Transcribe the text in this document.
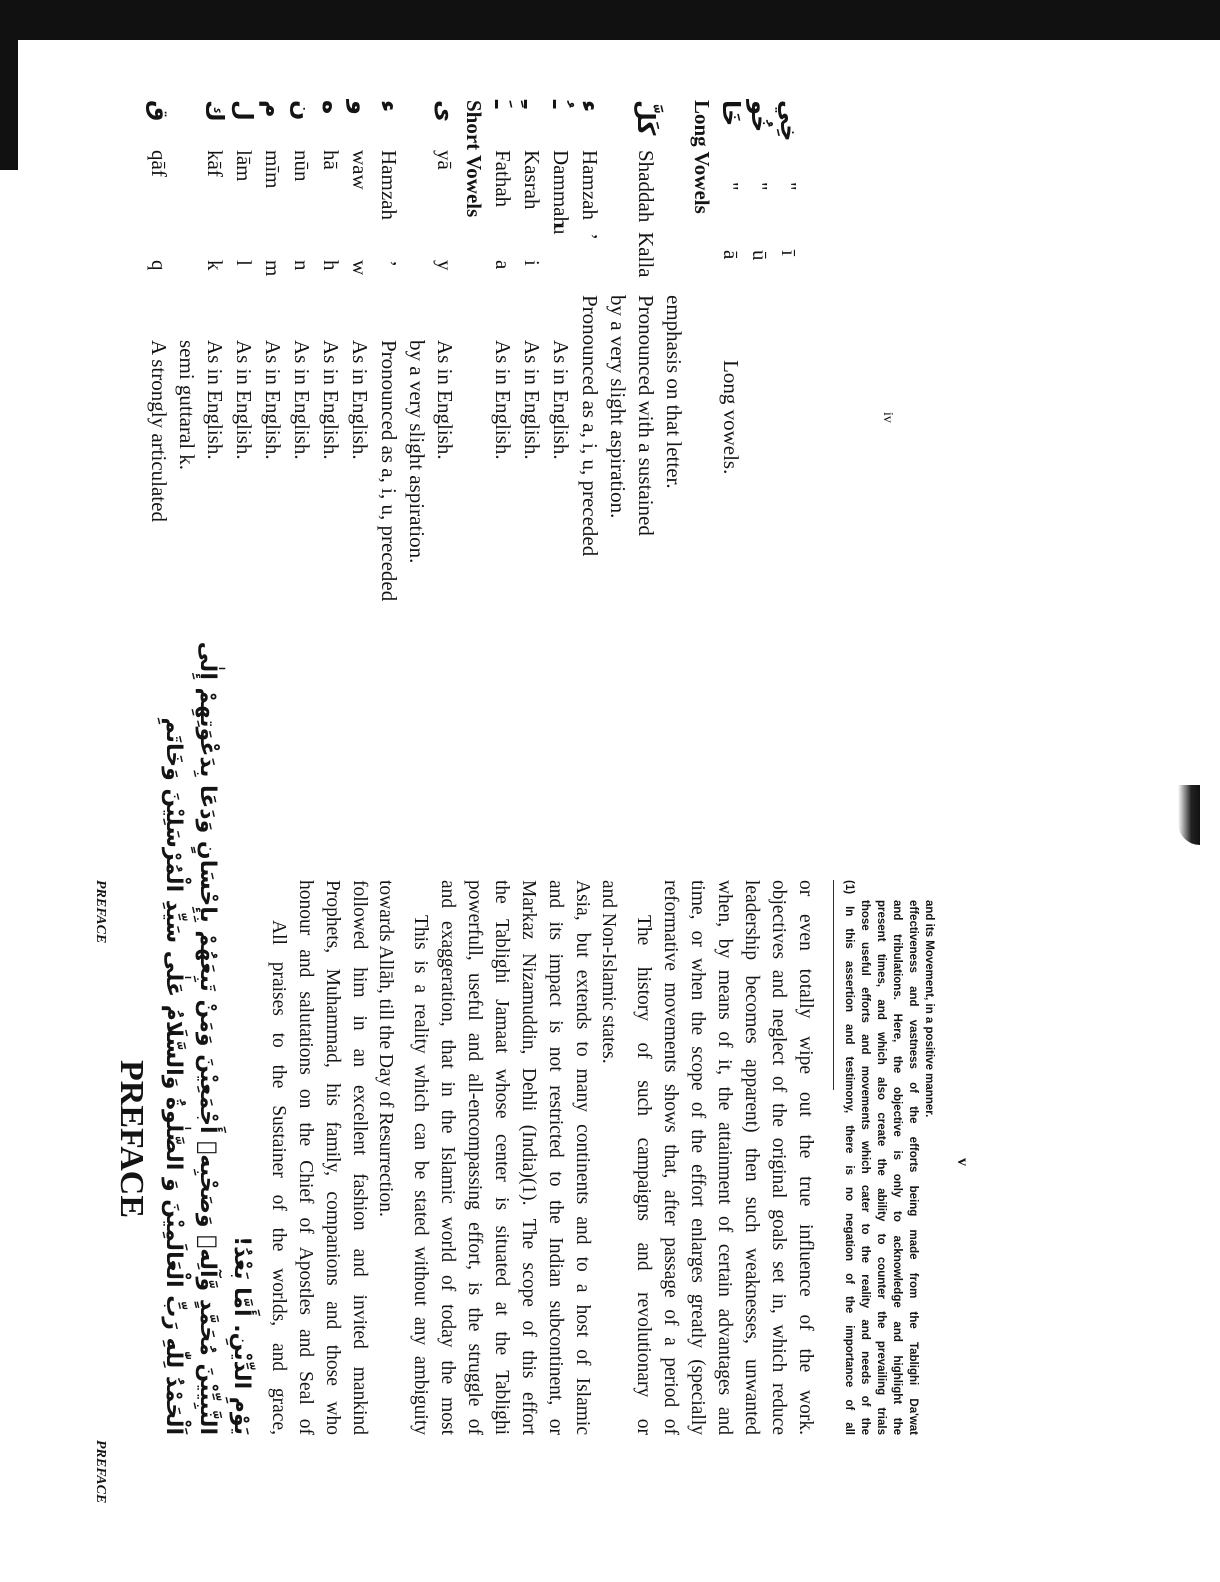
ق
qāf
q
A strongly articulated semi guttaral k.
ك
kāf
k
As in English.
ل
lām
l
As in English.
م
mīm
m
As in English.
ن
nūn
n
As in English.
ه
hā
h
As in English.
و
waw
w
As in English.
ء
Hamzah
ʼ
Pronounced as a, i, u, preceded by a very slight aspiration.
ى
yā
y
As in English.
Short Vowels ـَ
Fathah
a
As in English.
ـِ
Kasrah
i
As in English.
ـُ
Dammah
u
As in English.
ء
Hamzah
ʼ
Pronounced as a, i, u, preceded by a very slight aspiration.
كَلَّ
Shaddah
Kalla
Pronounced with a sustained emphasis on that letter.
Long Vowels خَا
"
ā
Long vowels.
خُو
"
ū
خِي
"
ī
iv
PREFACE
PREFACE
PREFACE اَلْحَمْدُ لِلّٰهِ رَبِّ الْعَالَمِيْنَ وَ الصَّلٰوةُ وَالسَّلَامُ عَلٰى سَيِّدِ الْمُرْسَلِيْنَ وَخَاتَمِ النَّبِيِّيْنَ مُحَمَّدٍ وَّآلِهٖ وَصَحْبِهٖ أَجْمَعِيْنَ وَمَنْ تَبِعَهُمْ بِإِحْسَانٍ وَدَعَا بِدَعْوَتِهِمْ إِلٰى يَوْمِ الدِّيْنِ. أَمَّا بَعْدُ! All praises to the Sustainer of the worlds, and grace, honour and salutations on the Chief of Apostles and Seal of Prophets, Muhammad, his family, companions and those who followed him in an excellent fashion and invited mankind towards Allāh, till the Day of Resurrection. This is a reality which can be stated without any ambiguity and exaggeration, that in the Islamic world of today the most powerfull, useful and all-encompassing effort, is the struggle of the Tablighi Jamaat whose center is situated at the Tablighi Markaz Nizamuddin, Dehli (India)(1). The scope of this effort and its impact is not restricted to the Indian subcontinent, or Asia, but extends to many continents and to a host of Islamic and Non-Islamic states. The history of such campaigns and revolutionary or reformative movements shows that, after passage of a period of time, or when the scope of the effort enlarges greatly (specially when, by means of it, the attainment of certain advantages and leadership becomes apparent) then such weaknesses, unwanted objectives and neglect of the original goals set in, which reduce or even totally wipe out the true influence of the work. (1) In this assertion and testimony, there is no negation of the importance of all those useful efforts and movements which cater to the reality and needs of the present times, and which also create the ability to counter the prevailing trials and tribulations. Here, the objective is only to acknowledge and highlight the effectiveness and vastness of the efforts being made from the Tablighi Da'wat and its Movement, in a positive manner.
v
